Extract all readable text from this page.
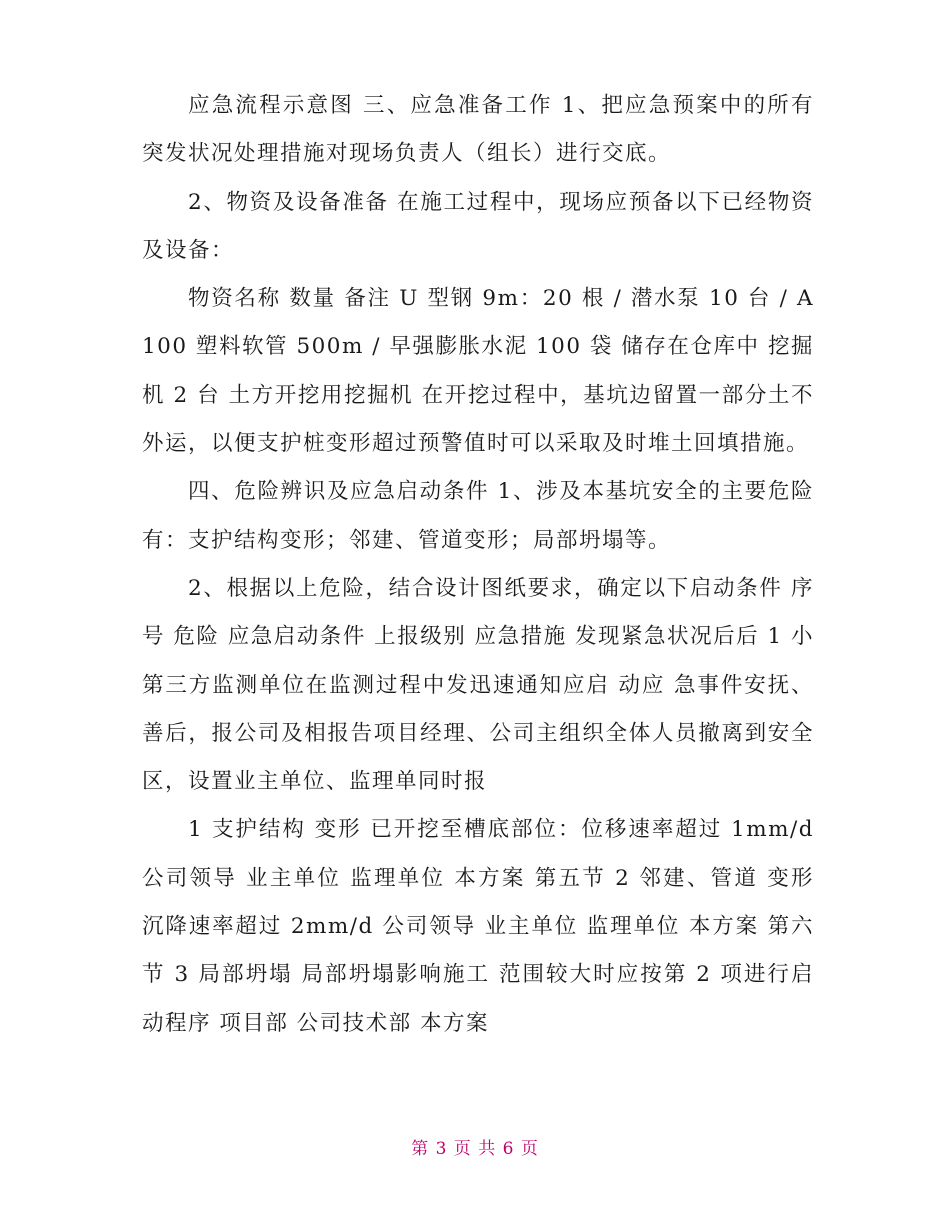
应急流程示意图 三、应急准备工作 1、把应急预案中的所有突发状况处理措施对现场负责人（组长）进行交底。

2、物资及设备准备 在施工过程中，现场应预备以下已经物资及设备：

物资名称 数量 备注 U 型钢 9m：20 根 / 潜水泵 10 台 / A100 塑料软管 500m / 早强膨胀水泥 100 袋 储存在仓库中 挖掘机 2 台 土方开挖用挖掘机 在开挖过程中，基坑边留置一部分土不外运，以便支护桩变形超过预警值时可以采取及时堆土回填措施。

四、危险辨识及应急启动条件 1、涉及本基坑安全的主要危险有：支护结构变形；邻建、管道变形；局部坍塌等。

2、根据以上危险，结合设计图纸要求，确定以下启动条件 序号 危险 应急启动条件 上报级别 应急措施 发现紧急状况后后 1 小第三方监测单位在监测过程中发迅速通知应启 动应 急事件安抚、善后，报公司及相报告项目经理、公司主组织全体人员撤离到安全区，设置业主单位、监理单同时报

1 支护结构 变形 已开挖至槽底部位：位移速率超过 1mm/d 公司领导 业主单位 监理单位 本方案 第五节 2 邻建、管道 变形 沉降速率超过 2mm/d 公司领导 业主单位 监理单位 本方案 第六节 3 局部坍塌 局部坍塌影响施工 范围较大时应按第 2 项进行启动程序 项目部 公司技术部 本方案

第 3 页 共 6 页
